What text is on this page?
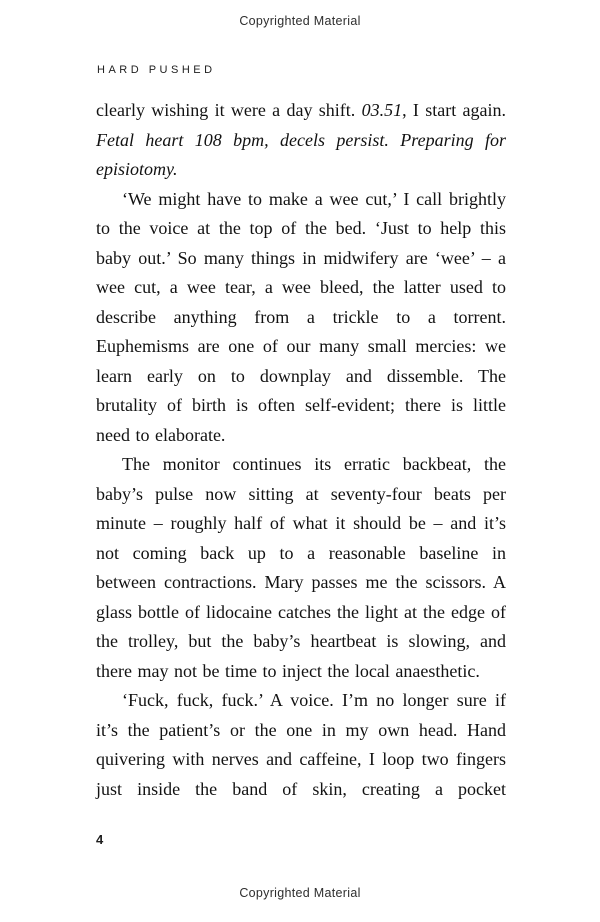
Copyrighted Material
HARD PUSHED

clearly wishing it were a day shift. 03.51, I start again. Fetal heart 108 bpm, decels persist. Preparing for episiotomy.

‘We might have to make a wee cut,’ I call brightly to the voice at the top of the bed. ‘Just to help this baby out.’ So many things in midwifery are ‘wee’ – a wee cut, a wee tear, a wee bleed, the latter used to describe anything from a trickle to a torrent. Euphemisms are one of our many small mercies: we learn early on to downplay and dissemble. The brutality of birth is often self-evident; there is little need to elaborate.

The monitor continues its erratic backbeat, the baby’s pulse now sitting at seventy-four beats per minute – roughly half of what it should be – and it’s not coming back up to a reasonable baseline in between contractions. Mary passes me the scissors. A glass bottle of lidocaine catches the light at the edge of the trolley, but the baby’s heartbeat is slowing, and there may not be time to inject the local anaesthetic.

‘Fuck, fuck, fuck.’ A voice. I’m no longer sure if it’s the patient’s or the one in my own head. Hand quivering with nerves and caffeine, I loop two fingers just inside the band of skin, creating a pocket

4
Copyrighted Material
